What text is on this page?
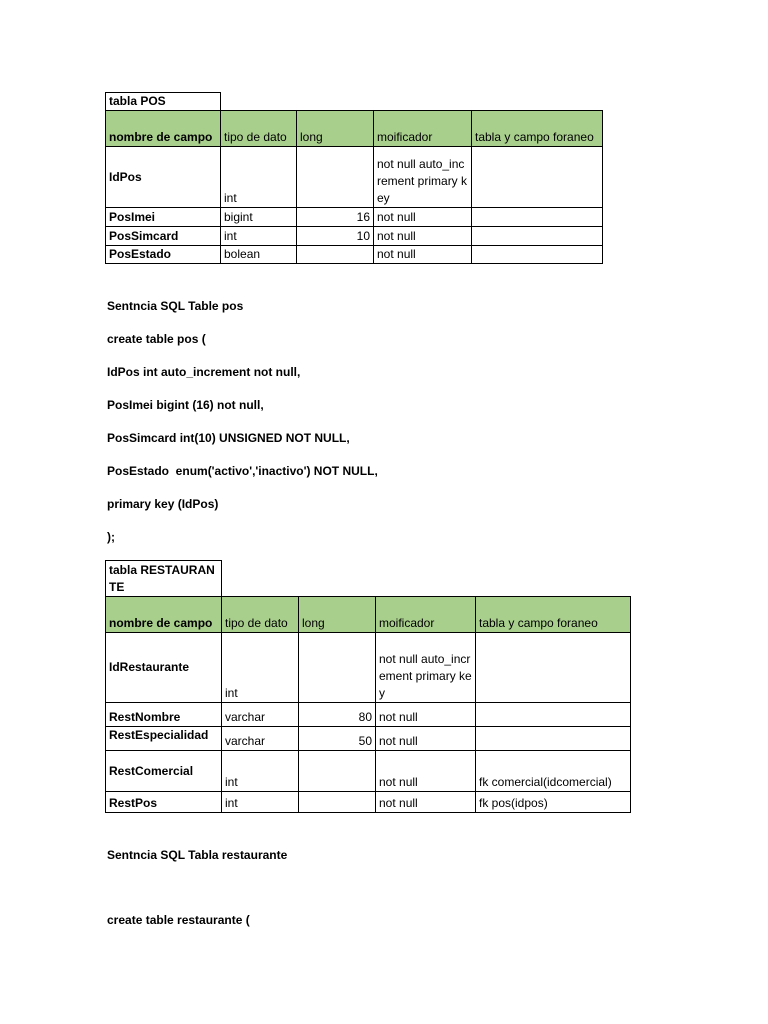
tabla POS				
nombre de campo	tipo de dato	long	moificador	tabla y campo foraneo
IdPos	int		not null auto_increment primary key	
PosImei	bigint	16	not null	
PosSimcard	int	10	not null	
PosEstado	bolean		not null	
Sentncia SQL Table pos
create table pos (
IdPos int auto_increment not null,
PosImei bigint (16) not null,
PosSimcard int(10) UNSIGNED NOT NULL,
PosEstado  enum('activo','inactivo') NOT NULL,
primary key (IdPos)
);
tabla RESTAURANTE				
nombre de campo	tipo de dato	long	moificador	tabla y campo foraneo
IdRestaurante	int		not null auto_increment primary key	
RestNombre	varchar	80	not null	
RestEspecialidad	varchar	50	not null	
RestComercial	int		not null	fk comercial(idcomercial)
RestPos	int		not null	fk pos(idpos)
Sentncia SQL Tabla restaurante
create table restaurante (
